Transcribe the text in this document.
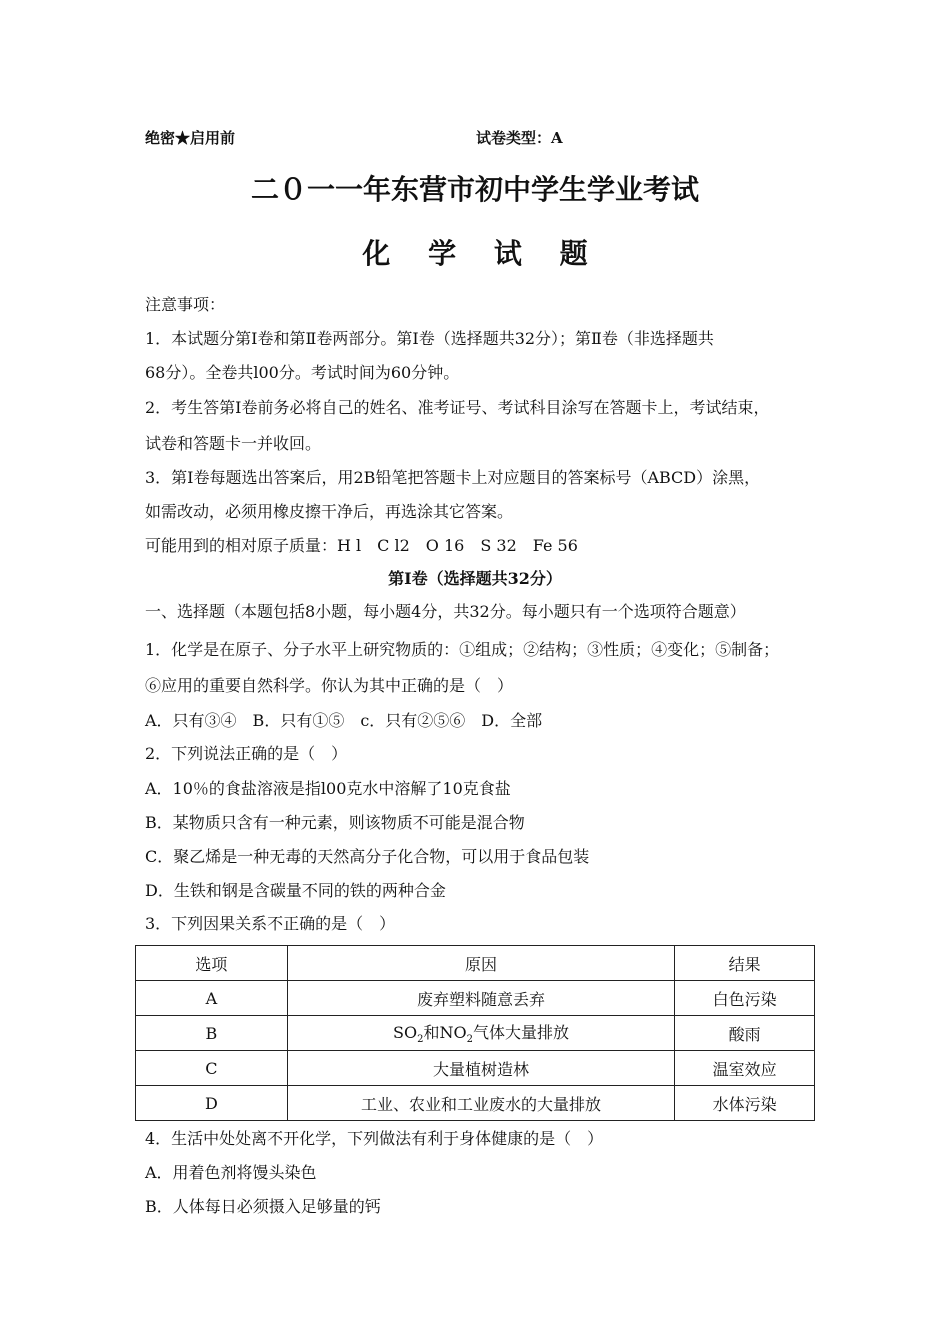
绝密★启用前	试卷类型：A
二０一一年东营市初中学生学业考试
化 学 试 题
注意事项：
1．本试题分第Ⅰ卷和第Ⅱ卷两部分。第Ⅰ卷（选择题共32分）；第Ⅱ卷（非选择题共
68分）。全卷共l00分。考试时间为60分钟。
2．考生答第Ⅰ卷前务必将自己的姓名、准考证号、考试科目涂写在答题卡上，考试结束，
试卷和答题卡一并收回。
3．第Ⅰ卷每题选出答案后，用2B铅笔把答题卡上对应题目的答案标号（ABCD）涂黑，
如需改动，必须用橡皮擦干净后，再选涂其它答案。
可能用到的相对原子质量：H l　C l2　O 16　S 32　Fe 56
第Ⅰ卷（选择题共32分）
一、选择题（本题包括8小题，每小题4分，共32分。每小题只有一个选项符合题意）
1．化学是在原子、分子水平上研究物质的：①组成；②结构；③性质；④变化；⑤制备；
⑥应用的重要自然科学。你认为其中正确的是（　）
A．只有③④　B．只有①⑤　c．只有②⑤⑥　D．全部
2．下列说法正确的是（　）
A．10％的食盐溶液是指l00克水中溶解了10克食盐
B．某物质只含有一种元素，则该物质不可能是混合物
C．聚乙烯是一种无毒的天然高分子化合物，可以用于食品包装
D．生铁和钢是含碳量不同的铁的两种合金
3．下列因果关系不正确的是（　）
选项	原因	结果
A	废弃塑料随意丢弃	白色污染
B	$SO_2$和$NO_2$气体大量排放	酸雨
C	大量植树造林	温室效应
D	工业、农业和工业废水的大量排放	水体污染
4．生活中处处离不开化学，下列做法有利于身体健康的是（　）
A．用着色剂将馒头染色
B．人体每日必须摄入足够量的钙
